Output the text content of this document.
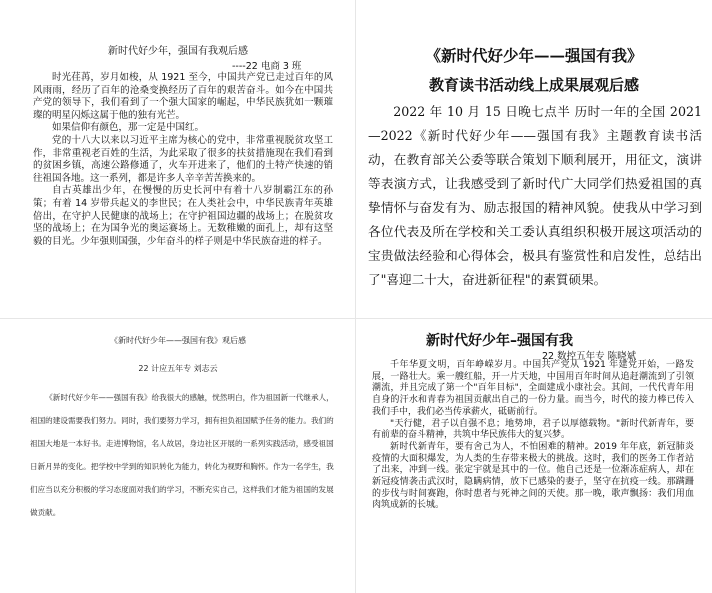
新时代好少年，强国有我观后感
----22 电商 3 班

时光荏苒，岁月如梭，从 1921 至今，中国共产党已走过百年的风风雨雨，经历了百年的沧桑变换经历了百年的艰苦奋斗。如今在中国共产党的领导下，我们看到了一个强大国家的崛起，中华民族犹如一颗璀璨的明星闪烁这属于他的独有光芒。

如果信仰有颜色，那一定是中国红。

党的十八大以来以习近平主席为核心的党中，非常重视脱贫攻坚工作，非常重视老百姓的生活，为此采取了很多的扶贫措施现在我们看到的贫困乡镇，高速公路修通了，火车开进来了，他们的土特产快速的销往祖国各地。这一系列，都是许多人辛辛苦苦换来的。

自古英雄出少年，在慢慢的历史长河中有着十八岁制霸江东的孙策；有着 14 岁带兵起义的李世民；在人类社会中，中华民族青年英雄倍出，在守护人民健康的战场上；在守护祖国边疆的战场上；在脱贫攻坚的战场上；在为国争光的奥运赛场上。无数稚嫩的面孔上，却有这坚毅的目光。少年强则国强，少年奋斗的样子则是中华民族奋进的样子。

《新时代好少年——强国有我》
教育读书活动线上成果展观后感

2022 年 10 月 15 日晚七点半 历时一年的全国 2021—2022《新时代好少年——强国有我》主题教育读书活动，在教育部关公委等联合策划下顺利展开，用征文，演讲等表演方式，让我感受到了新时代广大同学们热爱祖国的真挚情怀与奋发有为、励志报国的精神风貌。使我从中学习到各位代表及所在学校和关工委认真组织积极开展这项活动的宝贵做法经验和心得体会，极具有鉴赏性和启发性，总结出了"喜迎二十大，奋进新征程"的素質硕果。

《新时代好少年——强国有我》观后感
22 计应五年专 刘志云

《新时代好少年——强国有我》给我很大的感触，恍然明白，作为祖国新一代继承人，祖国的建设需要我们努力。同时，我们要努力学习，拥有担负祖国赋予任务的能力。我们的祖国大地是一本好书。走进博物馆，名人故居，身边社区开展的一系列实践活动，感受祖国日新月异的变化。把学校中学到的知识转化为能力，转化为视野和胸怀。作为一名学生，我们应当以充分积极的学习态度面对我们的学习，不断充实自己，这样我们才能为祖国的发展做贡献。

新时代好少年–强国有我
22 数控五年专 陈晓斌

千年华夏文明，百年峥嵘岁月。中国共产党从 1921 年建党开始，一路发展，一路壮大。乘一艘红船，开一片天地，中国用百年时间从追赶潮流到了引领潮流，并且完成了第一个"百年目标"，全面建成小康社会。其间，一代代青年用自身的汗水和青春为祖国贡献出自己的一份力量。而当今，时代的接力棒已传入我们手中，我们必当传承薪火，砥砺前行。

"天行健，君子以自强不息；地势坤，君子以厚德载物。"新时代新青年，要有前辈的奋斗精神，共筑中华民族伟大的复兴梦。

新时代新青年，要有舍己为人，不怕困难的精神。2019 年年底，新冠肺炎疫情的大面积爆发，为人类的生存带来极大的挑战。这时，我们的医务工作者站了出来，冲到一线。张定宇就是其中的一位。他自己还是一位渐冻症病人，却在新冠疫情袭击武汉时，隐瞒病情，放下已感染的妻子，坚守在抗疫一线。那蹒跚的步伐与时间赛跑，你时患者与死神之间的天使。那一晚，歌声飘扬：我们用血肉筑成新的长城。
